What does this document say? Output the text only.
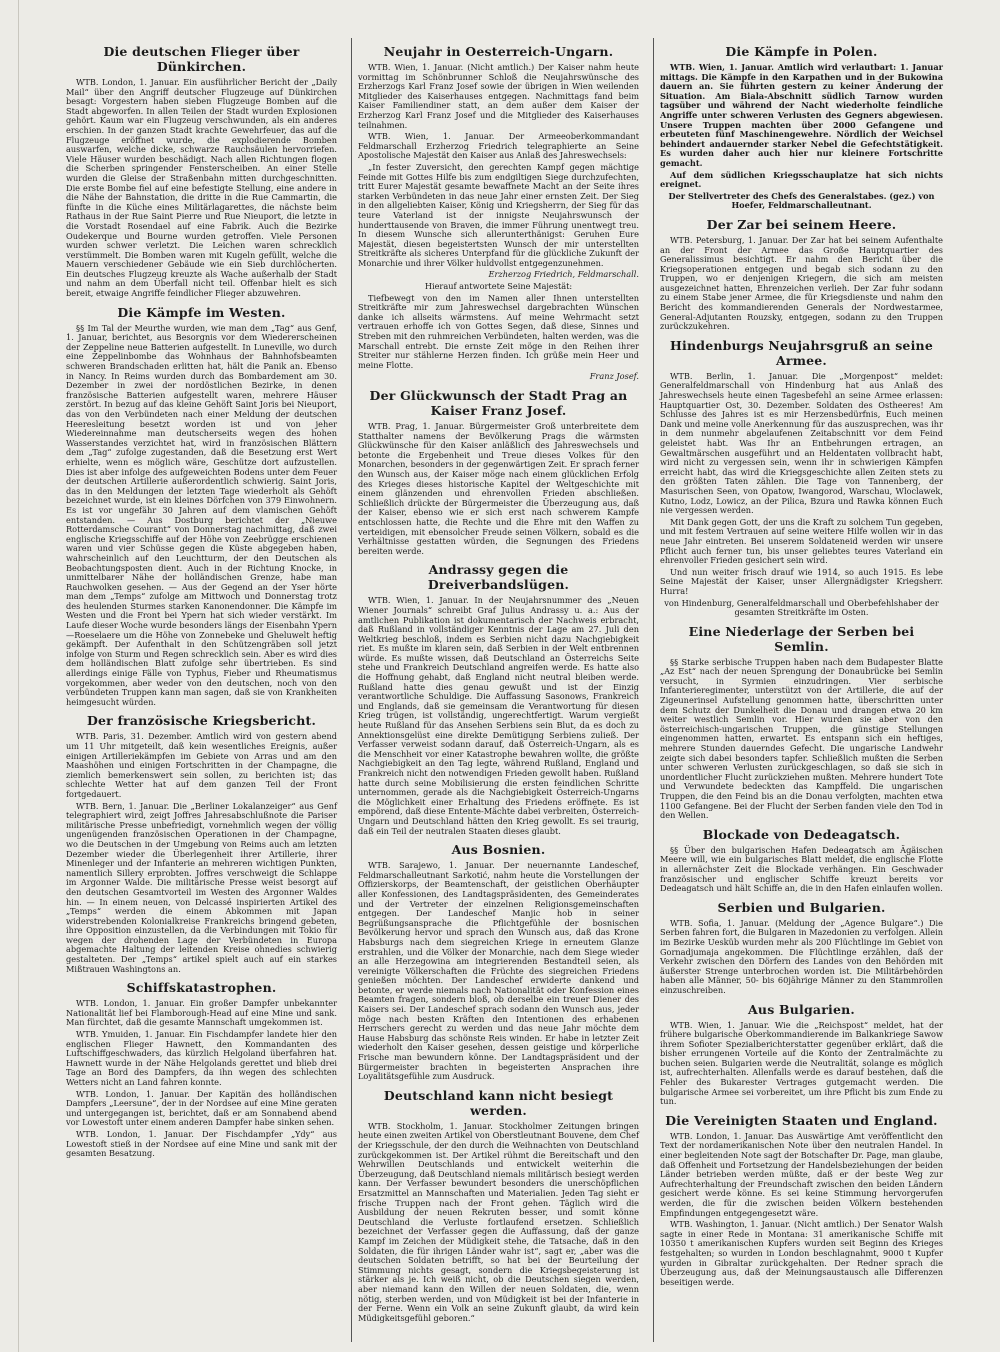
Die deutschen Flieger über Dünkirchen.

WTB. London, 1. Januar. Ein ausführlicher Bericht der „Daily Mail“ über den Angriff deutscher Flugzeuge auf Dünkirchen besagt: Vorgestern haben sieben Flugzeuge Bomben auf die Stadt abgeworfen. In allen Teilen der Stadt wurden Explosionen gehört. Kaum war ein Flugzeug verschwunden, als ein anderes erschien. In der ganzen Stadt krachte Gewehrfeuer, das auf die Flugzeuge eröffnet wurde, die explodierende Bomben auswarfen, welche dicke, schwarze Rauchsäulen hervorriefen. Viele Häuser wurden beschädigt. Nach allen Richtungen flogen die Scherben springender Fensterscheiben. An einer Stelle wurden die Gleise der Straßenbahn mitten durchgeschnitten. Die erste Bombe fiel auf eine befestigte Stellung, eine andere in die Nähe der Bahnstation, die dritte in die Rue Cammartin, die fünfte in die Küche eines Militärlagarettes, die nächste beim Rathaus in der Rue Saint Pierre und Rue Nieuport, die letzte in die Vorstadt Rosendael auf eine Fabrik. Auch die Bezirke Oudekerque und Bourne wurden getroffen. Viele Personen wurden schwer verletzt. Die Leichen waren schrecklich verstümmelt. Die Bomben waren mit Kugeln gefüllt, welche die Mauern verschiedener Gebäude wie ein Sieb durchlöcherten. Ein deutsches Flugzeug kreuzte als Wache außerhalb der Stadt und nahm an dem Überfall nicht teil. Offenbar hielt es sich bereit, etwaige Angriffe feindlicher Flieger abzuwehren.

Die Kämpfe im Westen.

§§ Im Tal der Meurthe wurden, wie man dem „Tag“ aus Genf, 1. Januar, berichtet, aus Besorgnis vor dem Wiedererscheinen der Zeppeline neue Batterien aufgestellt. In Luneville, wo durch eine Zeppelinbombe das Wohnhaus der Bahnhofsbeamten schweren Brandschaden erlitten hat, hält die Panik an. Ebenso in Nancy. In Reims wurden durch das Bombardement am 30. Dezember in zwei der nordöstlichen Bezirke, in denen französische Batterien aufgestellt waren, mehrere Häuser zerstört. In bezug auf das kleine Gehöft Saint Joris bei Nieuport, das von den Verbündeten nach einer Meldung der deutschen Heeresleitung besetzt worden ist und von jeher Wiedereinnahme man deutscherseits wegen des hohen Wasserstandes verzichtet hat, wird in französischen Blättern dem „Tag“ zufolge zugestanden, daß die Besetzung erst Wert erhielte, wenn es möglich wäre, Geschütze dort aufzustellen. Dies ist aber infolge des aufgeweichten Bodens unter dem Feuer der deutschen Artillerie außerordentlich schwierig. Saint Joris, das in den Meldungen der letzten Tage wiederholt als Gehöft bezeichnet wurde, ist ein kleines Dörfchen von 379 Einwohnern. Es ist vor ungefähr 30 Jahren auf dem vlamischen Gehöft entstanden. — Aus Dostburg berichtet der „Nieuwe Rotterdamsche Courant“ von Donnerstag nachmittag, daß zwei englische Kriegsschiffe auf der Höhe von Zeebrügge erschienen waren und vier Schüsse gegen die Küste abgegeben haben, wahrscheinlich auf den Leuchtturm, der den Deutschen als Beobachtungsposten dient. Auch in der Richtung Knocke, in unmittelbarer Nähe der holländischen Grenze, habe man Rauchwolken gesehen. — Aus der Gegend an der Yser hörte man dem „Temps“ zufolge am Mittwoch und Donnerstag trotz des heulenden Sturmes starken Kanonendonner. Die Kämpfe im Westen und die Front bei Ypern hat sich wieder verstärkt. Im Laufe dieser Woche wurde besonders längs der Eisenbahn Ypern—Roeselaere um die Höhe von Zonnebeke und Gheluwelt heftig gekämpft. Der Aufenthalt in den Schützengräben soll jetzt infolge von Sturm und Regen schrecklich sein. Aber es wird dies dem holländischen Blatt zufolge sehr übertrieben. Es sind allerdings einige Fälle von Typhus, Fieber und Rheumatismus vorgekommen, aber weder von den deutschen, noch von den verbündeten Truppen kann man sagen, daß sie von Krankheiten heimgesucht würden.

Der französische Kriegsbericht.

WTB. Paris, 31. Dezember. Amtlich wird von gestern abend um 11 Uhr mitgeteilt, daß kein wesentliches Ereignis, außer einigen Artilleriekämpfen im Gebiete von Arras und am den Maashöhen und einigen Fortschritten in der Champagne, die ziemlich bemerkenswert sein sollen, zu berichten ist; das schlechte Wetter hat auf dem ganzen Teil der Front fortgedauert.

WTB. Bern, 1. Januar. Die „Berliner Lokalanzeiger“ aus Genf telegraphiert wird, zeigt Joffres Jahresabschlußnote die Pariser militärische Presse unbefriedigt, vornehmlich wegen der völlig ungenügenden französischen Operationen in der Champagne, wo die Deutschen in der Umgebung von Reims auch am letzten Dezember wieder die Überlegenheit ihrer Artillerie, ihrer Minenleger und der Infanterie an mehreren wichtigen Punkten, namentlich Sillery erprobten. Joffres verschweigt die Schlappe im Argonner Walde. Die militärische Presse weist besorgt auf den deutschen Gesamtvorteil im Westen des Argonner Waldes hin. — In einem neuen, von Delcassé inspirierten Artikel des „Temps“ werden die einem Abkommen mit Japan widerstrebenden Kolonialkreise Frankreichs bringend gebeten, ihre Opposition einzustellen, da die Verbindungen mit Tokio für wegen der drohenden Lage der Verbündeten in Europa abgemachte Haltung der leitenden Kreise ohnedies schwierig gestalteten. Der „Temps“ artikel spielt auch auf ein starkes Mißtrauen Washingtons an.

Schiffskatastrophen.

WTB. London, 1. Januar. Ein großer Dampfer unbekannter Nationalität lief bei Flamborough-Head auf eine Mine und sank. Man fürchtet, daß die gesamte Mannschaft umgekommen ist.

WTB. Ymuiden, 1. Januar. Ein Fischdampfer landete hier den englischen Flieger Hawnett, den Kommandanten des Luftschiffgeschwaders, das kürzlich Helgoland überfahren hat. Hawnett wurde in der Nähe Helgolands gerettet und blieb drei Tage an Bord des Dampfers, da ihn wegen des schlechten Wetters nicht an Land fahren konnte.

WTB. London, 1. Januar. Der Kapitän des holländischen Dampfers „Leersune“, der in der Nordsee auf eine Mine geraten und untergegangen ist, berichtet, daß er am Sonnabend abend vor Lowestoft unter einem anderen Dampfer habe sinken sehen.

WTB. London, 1. Januar. Der Fischdampfer „Ydy“ aus Lowestoft stieß in der Nordsee auf eine Mine und sank mit der gesamten Besatzung.

Neujahr in Oesterreich-Ungarn.

WTB. Wien, 1. Januar. (Nicht amtlich.) Der Kaiser nahm heute vormittag im Schönbrunner Schloß die Neujahrswünsche des Erzherzogs Karl Franz Josef sowie der übrigen in Wien weilenden Mitglieder des Kaiserhauses entgegen. Nachmittags fand beim Kaiser Familiendiner statt, an dem außer dem Kaiser der Erzherzog Karl Franz Josef und die Mitglieder des Kaiserhauses teilnahmen.

WTB. Wien, 1. Januar. Der Armeeoberkommandant Feldmarschall Erzherzog Friedrich telegraphierte an Seine Apostolische Majestät den Kaiser aus Anlaß des Jahreswechsels:

„In fester Zuversicht, den gerechten Kampf gegen mächtige Feinde mit Gottes Hilfe bis zum endgiltigen Siege durchzufechten, tritt Eurer Majestät gesamte bewaffnete Macht an der Seite ihres starken Verbündeten in das neue Jahr einer ernsten Zeit. Der Sieg in den allgeliebten Kaiser, König und Kriegsherrn, der Sieg für das teure Vaterland ist der innigste Neujahrswunsch der hunderttausende von Braven, die immer Führung unentwegt treu. In diesem Wunsche sich allerunterthänigst: Geruhen Eure Majestät, diesen begeistertsten Wunsch der mir unterstellten Streitkräfte als sicheres Unterpfand für die glückliche Zukunft der Monarchie und ihrer Völker huldvollst entgegenzunehmen.

Erzherzog Friedrich, Feldmarschall.

Hierauf antwortete Seine Majestät:

Tiefbewegt von den im Namen aller Ihnen unterstellten Streitkräfte mir zum Jahreswechsel dargebrachten Wünschen danke ich allseits wärmstens. Auf meine Wehrmacht setzt vertrauen erhoffe ich von Gottes Segen, daß diese, Sinnes und Streben mit den ruhmreichen Verbündeten, halten werden, was die Marschall entrebt. Die ernste Zeit möge in den Reihen ihrer Streiter nur stählerne Herzen finden. Ich grüße mein Heer und meine Flotte.

Franz Josef.

Der Glückwunsch der Stadt Prag an Kaiser Franz Josef.

WTB. Prag, 1. Januar. Bürgermeister Groß unterbreitete dem Statthalter namens der Bevölkerung Prags die wärmsten Glückwünsche für den Kaiser anläßlich des Jahreswechsels und betonte die Ergebenheit und Treue dieses Volkes für den Monarchen, besonders in der gegenwärtigen Zeit. Er sprach ferner den Wunsch aus, der Kaiser möge nach einem glücklichen Erfolg des Krieges dieses historische Kapitel der Weltgeschichte mit einem glänzenden und ehrenvollen Frieden abschließen. Schließlich drückte der Bürgermeister die Überzeugung aus, daß der Kaiser, ebenso wie er sich erst nach schwerem Kampfe entschlossen hatte, die Rechte und die Ehre mit den Waffen zu verteidigen, mit ebensolcher Freude seinen Völkern, sobald es die Verhältnisse gestatten würden, die Segnungen des Friedens bereiten werde.

Andrassy gegen die Dreiverbandslügen.

WTB. Wien, 1. Januar. In der Neujahrsnummer des „Neuen Wiener Journals“ schreibt Graf Julius Andrassy u. a.: Aus der amtlichen Publikation ist dokumentarisch der Nachweis erbracht, daß Rußland in vollständiger Kenntnis der Lage am 27. Juli den Weltkrieg beschloß, indem es Serbien nicht dazu Nachgiebigkeit riet. Es mußte im klaren sein, daß Serbien in der Welt entbrennen würde. Es mußte wissen, daß Deutschland an Österreichs Seite stehe und Frankreich Deutschland angreifen werde. Es hatte also die Hoffnung gehabt, daß England nicht neutral bleiben werde. Rußland hatte dies genau gewußt und ist der Einzig verantwortliche Schuldige. Die Auffassung Sasonows, Frankreich und Englands, daß sie gemeinsam die Verantwortung für diesen Krieg trügen, ist vollständig, ungerechtfertigt. Warum vergießt heute Rußland für das Ansehen Serbiens sein Blut, da es doch zu Annektionsgelüst eine direkte Demütigung Serbiens zuließ. Der Verfasser verweist sodann darauf, daß Österreich-Ungarn, als es die Menschheit vor einer Katastrophe bewahren wollte, die größte Nachgiebigkeit an den Tag legte, während Rußland, England und Frankreich nicht den notwendigen Frieden gewollt haben. Rußland hatte durch seine Mobilisierung die ersten feindlichen Schritte unternommen, gerade als die Nachgiebigkeit Österreich-Ungarns die Möglichkeit einer Erhaltung des Friedens eröffnete. Es ist empörend, daß diese Entente-Mächte dabei verbreiten, Österreich-Ungarn und Deutschland hätten den Krieg gewollt. Es sei traurig, daß ein Teil der neutralen Staaten dieses glaubt.

Aus Bosnien.

WTB. Sarajewo, 1. Januar. Der neuernannte Landeschef, Feldmarschalleutnant Sarkotić, nahm heute die Vorstellungen der Offizierskorps, der Beamtenschaft, der geistlichen Oberhäupter aller Konfessionen, des Landtagspräsidenten, des Gemeinderates und der Vertreter der einzelnen Religionsgemeinschaften entgegen. Der Landeschef Manjic hob in seiner Begrüßungsansprache die Pflichtgefühle der bosnischen Bevölkerung hervor und sprach den Wunsch aus, daß das Krone Habsburgs nach dem siegreichen Kriege in erneutem Glanze erstrahlen, und die Völker der Monarchie, nach dem Siege wieder an alle Herzegowina am integrierenden Bestandteil seien, als vereinigte Völkerschaften die Früchte des siegreichen Friedens genießen möchten. Der Landeschef erwiderte dankend und betonte, er werde niemals nach Nationalität oder Konfession eines Beamten fragen, sondern bloß, ob derselbe ein treuer Diener des Kaisers sei. Der Landeschef sprach sodann den Wunsch aus, jeder möge nach besten Kräften den Intentionen des erhabenen Herrschers gerecht zu werden und das neue Jahr möchte dem Hause Habsburg das schönste Reis winden. Er habe in letzter Zeit wiederholt den Kaiser gesehen, dessen geistige und körperliche Frische man bewundern könne. Der Landtagspräsident und der Bürgermeister brachten in begeisterten Ansprachen ihre Loyalitätsgefühle zum Ausdruck.

Deutschland kann nicht besiegt werden.

WTB. Stockholm, 1. Januar. Stockholmer Zeitungen bringen heute einen zweiten Artikel von Oberstleutnant Bouvene, dem Chef der Kriegsschule, der den durch die Weihnachten von Deutschland zurückgekommen ist. Der Artikel rühmt die Bereitschaft und den Wehrwillen Deutschlands und entwickelt weiterhin die Überzeugung, daß Deutschland niemals militärisch besiegt werden kann. Der Verfasser bewundert besonders die unerschöpflichen Ersatzmittel an Mannschaften und Materialien. Jeden Tag sieht er frische Truppen nach der Front gehen. Täglich wird die Ausbildung der neuen Rekruten besser, und somit könne Deutschland die Verluste fortlaufend ersetzen. Schließlich bezeichnet der Verfasser gegen die Auffassung, daß der ganze Kampf im Zeichen der Müdigkeit stehe, die Tatsache, daß in den Soldaten, die für ihrigen Länder wahr ist“, sagt er, „aber was die deutschen Soldaten betrifft, so hat bei der Beurteilung der Stimmung nichts gesagt, sondern die Kriegsbegeisterung ist stärker als je. Ich weiß nicht, ob die Deutschen siegen werden, aber niemand kann den Willen der neuen Soldaten, die, wenn nötig, sterben werden, und von Müdigkeit ist bei der Infanterie in der Ferne. Wenn ein Volk an seine Zukunft glaubt, da wird kein Müdigkeitsgefühl geboren.“

Die Kämpfe in Polen.

WTB. Wien, 1. Januar. Amtlich wird verlautbart: 1. Januar mittags. Die Kämpfe in den Karpathen und in der Bukowina dauern an. Sie führten gestern zu keiner Änderung der Situation. Am Biala-Abschnitt südlich Tarnow wurden tagsüber und während der Nacht wiederholte feindliche Angriffe unter schweren Verlusten des Gegners abgewiesen. Unsere Truppen machten über 2000 Gefangene und erbeuteten fünf Maschinengewehre. Nördlich der Weichsel behindert andauernder starker Nebel die Gefechtstätigkeit. Es wurden daher auch hier nur kleinere Fortschritte gemacht.

Auf dem südlichen Kriegsschauplatze hat sich nichts ereignet.

Der Stellvertreter des Chefs des Generalstabes. (gez.) von Hoefer, Feldmarschalleutnant.

Der Zar bei seinem Heere.

WTB. Petersburg, 1. Januar. Der Zar hat bei seinem Aufenthalte an der Front der Armee das Große Hauptquartier des Generalissimus besichtigt. Er nahm den Bericht über die Kriegsoperationen entgegen und begab sich sodann zu den Truppen, wo er denjenigen Kriegern, die sich am meisten ausgezeichnet hatten, Ehrenzeichen verlieh. Der Zar fuhr sodann zu einem Stabe jener Armee, die für Kriegsdienste und nahm den Bericht des kommandierenden Generals der Nordwestarmee, General-Adjutanten Rouzsky, entgegen, sodann zu den Truppen zurückzukehren.

Hindenburgs Neujahrsgruß an seine Armee.

WTB. Berlin, 1. Januar. Die „Morgenpost“ meldet: Generalfeldmarschall von Hindenburg hat aus Anlaß des Jahreswechsels heute einen Tagesbefehl an seine Armee erlassen: Hauptquartier Ost, 30. Dezember. Soldaten des Ostheeres! Am Schlusse des Jahres ist es mir Herzensbedürfnis, Euch meinen Dank und meine volle Anerkennung für das auszusprechen, was ihr in dem nunmehr abgelaufenen Zeitabschnitt vor dem Feind geleistet habt. Was Ihr an Entbehrungen ertragen, an Gewaltmärschen ausgeführt und an Heldentaten vollbracht habt, wird nicht zu vergessen sein, wenn ihr in schwierigen Kämpfen erreicht habt, das wird die Kriegsgeschichte allen Zeiten stets zu den größten Taten zählen. Die Tage von Tannenberg, der Masurischen Seen, von Opatow, Iwangorod, Warschau, Wloclawek, Kutno, Lodz, Lowicz, an der Pilica, Bzura und Rawka können Euch nie vergessen werden.

Mit Dank gegen Gott, der uns die Kraft zu solchem Tun gegeben, und mit festem Vertrauen auf seine weitere Hilfe wollen wir in das neue Jahr eintreten. Bei unserem Soldateneid werden wir unsere Pflicht auch ferner tun, bis unser geliebtes teures Vaterland ein ehrenvoller Frieden gesichert sein wird.

Und nun weiter frisch drauf wie 1914, so auch 1915. Es lebe Seine Majestät der Kaiser, unser Allergnädigster Kriegsherr. Hurra!

von Hindenburg, Generalfeldmarschall und Oberbefehlshaber der gesamten Streitkräfte im Osten.

Eine Niederlage der Serben bei Semlin.

§§ Starke serbische Truppen haben nach dem Budapester Blatte „Az Est“ nach der neuen Sprengung der Donaubrücke bei Semlin versucht, in Syrmien einzudringen. Vier serbische Infanterieregimenter, unterstützt von der Artillerie, die auf der Zigeunerinsel Aufstellung genommen hatte, überschritten unter dem Schutz der Dunkelheit die Donau und drangen etwa 20 km weiter westlich Semlin vor. Hier wurden sie aber von den österreichisch-ungarischen Truppen, die günstige Stellungen eingenommen hatten, erwartet. Es entspann sich ein heftiges, mehrere Stunden dauerndes Gefecht. Die ungarische Landwehr zeigte sich dabei besonders tapfer. Schließlich mußten die Serben unter schweren Verlusten zurückgeschlagen, so daß sie sich in unordentlicher Flucht zurückziehen mußten. Mehrere hundert Tote und Verwundete bedeckten das Kampffeld. Die ungarischen Truppen, die den Feind bis an die Donau verfolgten, machten etwa 1100 Gefangene. Bei der Flucht der Serben fanden viele den Tod in den Wellen.

Blockade von Dedeagatsch.

§§ Über den bulgarischen Hafen Dedeagatsch am Ägäischen Meere will, wie ein bulgarisches Blatt meldet, die englische Flotte in allernächster Zeit die Blockade verhängen. Ein Geschwader französischer und englischer Schiffe kreuzt bereits vor Dedeagatsch und hält Schiffe an, die in den Hafen einlaufen wollen.

Serbien und Bulgarien.

WTB. Sofia, 1. Januar. (Meldung der „Agence Bulgare“.) Die Serben fahren fort, die Bulgaren in Mazedonien zu verfolgen. Allein im Bezirke Uesküb wurden mehr als 200 Flüchtlinge im Gebiet von Gornadjumaja angekommen. Die Flüchtlinge erzählen, daß der Verkehr zwischen den Dörfern des Landes von den Behörden mit äußerster Strenge unterbrochen worden ist. Die Militärbehörden haben alle Männer, 50- bis 60jährige Männer zu den Stammrollen einzuschreiben.

Aus Bulgarien.

WTB. Wien, 1. Januar. Wie die „Reichspost“ meldet, hat der frühere bulgarische Oberkommandierende im Balkankriege Sawow ihrem Sofioter Spezialberichterstatter gegenüber erklärt, daß die bisher errungenen Vorteile auf die Konto der Zentralmächte zu buchen seien. Bulgarien werde die Neutralität, solange es möglich ist, aufrechterhalten. Allenfalls werde es darauf bestehen, daß die Fehler des Bukarester Vertrages gutgemacht werden. Die bulgarische Armee sei vorbereitet, um ihre Pflicht bis zum Ende zu tun.

Die Vereinigten Staaten und England.

WTB. London, 1. Januar. Das Auswärtige Amt veröffentlicht den Text der nordamerikanischen Note über den neutralen Handel. In einer begleitenden Note sagt der Botschafter Dr. Page, man glaube, daß Offenheit und Fortsetzung der Handelsbeziehungen der beiden Länder betrieben werden müßte, daß er der beste Weg zur Aufrechterhaltung der Freundschaft zwischen den beiden Ländern gesichert werde könne. Es sei keine Stimmung hervorgerufen werden, die für die zwischen beiden Völkern bestehenden Empfindungen entgegengesetzt wäre.

WTB. Washington, 1. Januar. (Nicht amtlich.) Der Senator Walsh sagte in einer Rede in Montana: 31 amerikanische Schiffe mit 10350 t amerikanischen Kupfers wurden seit Beginn des Krieges festgehalten; so wurden in London beschlagnahmt, 9000 t Kupfer wurden in Gibraltar zurückgehalten. Der Redner sprach die Überzeugung aus, daß der Meinungsaustausch alle Differenzen beseitigen werde.
